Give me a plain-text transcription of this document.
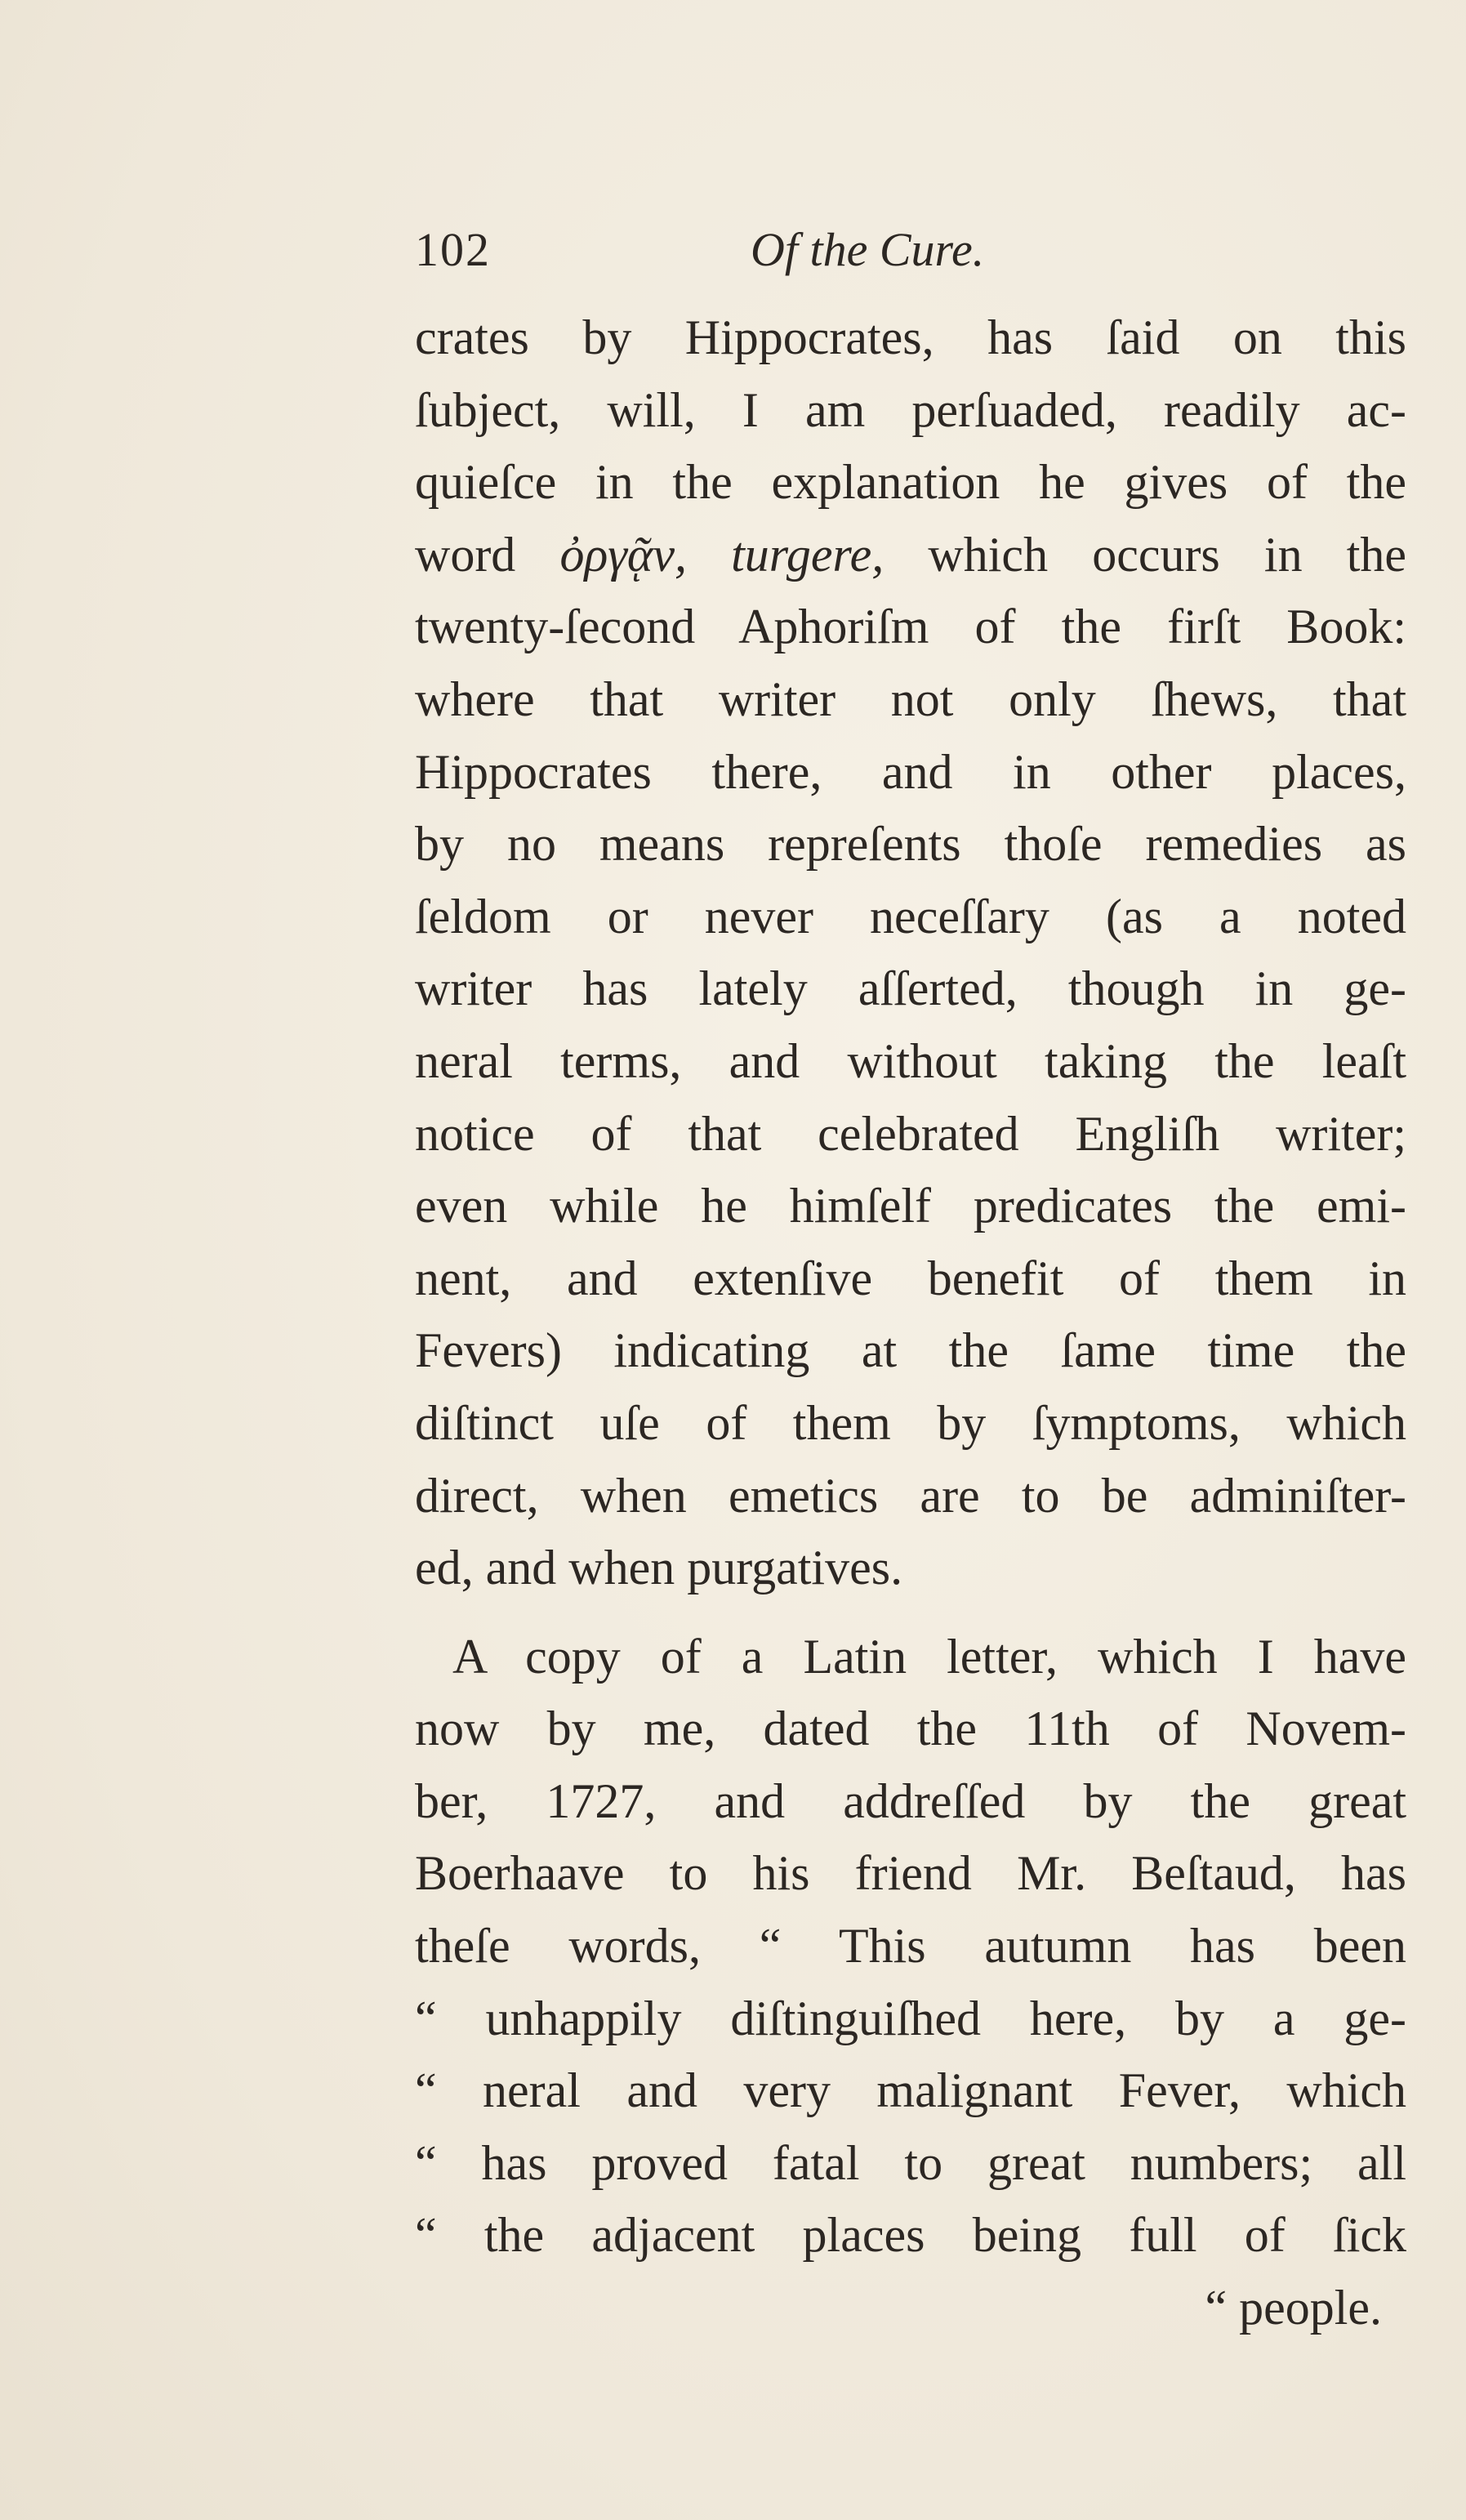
102	Of the Cure.
crates by Hippocrates, has ſaid on this
ſubject, will, I am perſuaded, readily ac-
quieſce in the explanation he gives of the
word ὀργᾷν, turgere, which occurs in the
twenty-ſecond Aphoriſm of the firſt Book:
where that writer not only ſhews, that
Hippocrates there, and in other places,
by no means repreſents thoſe remedies as
ſeldom or never neceſſary (as a noted
writer has lately aſſerted, though in ge-
neral terms, and without taking the leaſt
notice of that celebrated Engliſh writer;
even while he himſelf predicates the emi-
nent, and extenſive benefit of them in
Fevers) indicating at the ſame time the
diſtinct uſe of them by ſymptoms, which
direct, when emetics are to be adminiſter-
ed, and when purgatives.
A copy of a Latin letter, which I have
now by me, dated the 11th of Novem-
ber, 1727, and addreſſed by the great
Boerhaave to his friend Mr. Beſtaud, has
theſe words, “ This autumn has been
“ unhappily diſtinguiſhed here, by a ge-
“ neral and very malignant Fever, which
“ has proved fatal to great numbers; all
“ the adjacent places being full of ſick
“ people.
